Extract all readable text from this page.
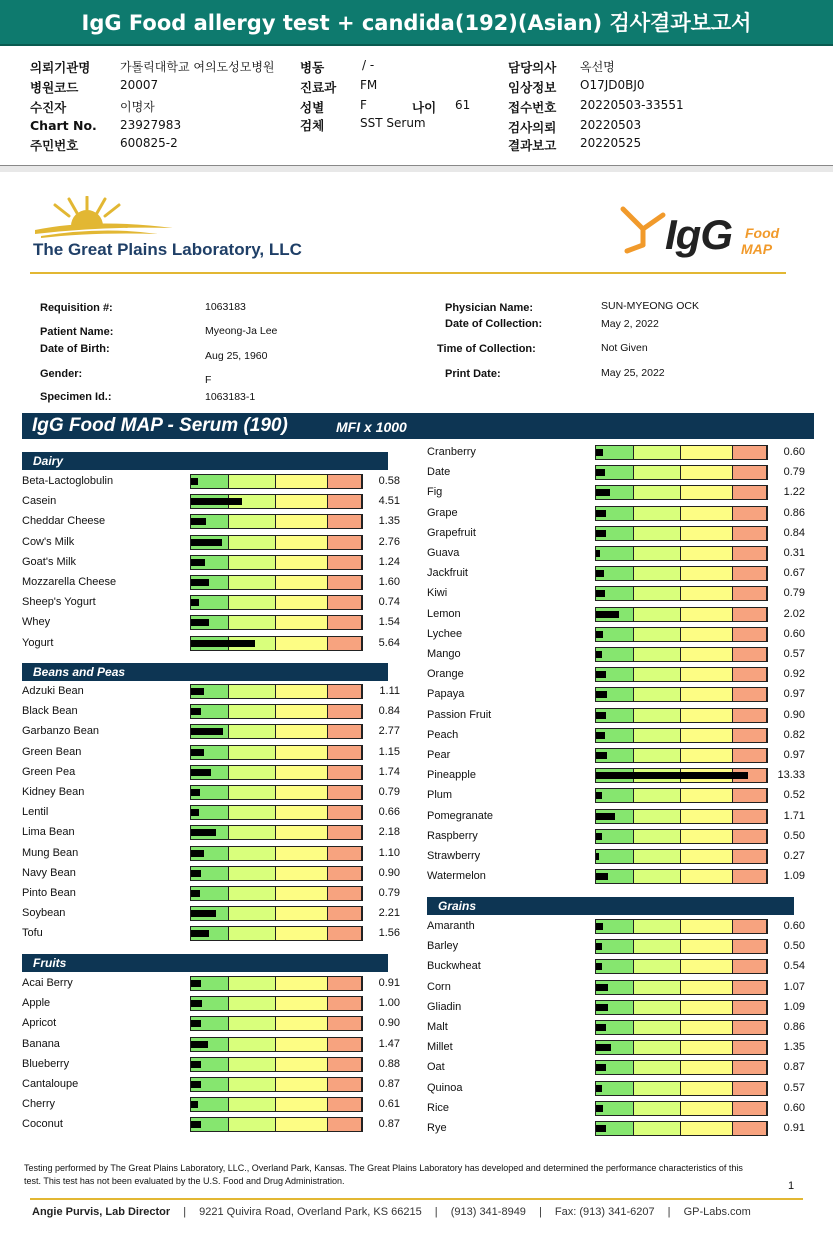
IgG Food allergy test + candida(192)(Asian) 검사결과보고서
의뢰기관명 가톨릭대학교 여의도성모병원
병원코드	20007
수진자	이명자
Chart No. 23927983
주민번호	600825-2
병동	/ -
진료과 FM
성별	F	나이 61
검체	SST Serum
담당의사 옥선명
임상정보 O17JD0BJ0
접수번호 20220503-33551
검사의뢰 20220503
결과보고 20220525
The Great Plains Laboratory, LLC	IgG Food
MAP
Requisition #:	1063183
Patient Name:	Myeong-Ja Lee
Date of Birth:
Aug 25, 1960
Gender:	F
Specimen Id.:	1063183-1
Physician Name:	SUN-MYEONG OCK
Date of Collection:	May 2, 2022
Time of Collection:	Not Given
Print Date:	May 25, 2022
IgG Food MAP - Serum (190)	MFI x 1000
Dairy
Beta-Lactoglobulin	0.58
Casein	4.51
Cheddar Cheese	1.35
Cow's Milk	2.76
Goat's Milk	1.24
Mozzarella Cheese	1.60
Sheep's Yogurt	0.74
Whey	1.54
Yogurt	5.64
Beans and Peas
Adzuki Bean	1.11
Black Bean	0.84
Garbanzo Bean	2.77
Green Bean	1.15
Green Pea	1.74
Kidney Bean	0.79
Lentil	0.66
Lima Bean	2.18
Mung Bean	1.10
Navy Bean	0.90
Pinto Bean	0.79
Soybean	2.21
Tofu	1.56
Fruits
Acai Berry	0.91
Apple	1.00
Apricot	0.90
Banana	1.47
Blueberry	0.88
Cantaloupe	0.87
Cherry	0.61
Coconut	0.87
Cranberry	0.60
Date	0.79
Fig	1.22
Grape	0.86
Grapefruit	0.84
Guava	0.31
Jackfruit	0.67
Kiwi	0.79
Lemon	2.02
Lychee	0.60
Mango	0.57
Orange	0.92
Papaya	0.97
Passion Fruit	0.90
Peach	0.82
Pear	0.97
Pineapple	13.33
Plum	0.52
Pomegranate	1.71
Raspberry	0.50
Strawberry	0.27
Watermelon	1.09
Grains
Amaranth	0.60
Barley	0.50
Buckwheat	0.54
Corn	1.07
Gliadin	1.09
Malt	0.86
Millet	1.35
Oat	0.87
Quinoa	0.57
Rice	0.60
Rye	0.91
Testing performed by The Great Plains Laboratory, LLC., Overland Park, Kansas. The Great Plains Laboratory has developed and determined the performance characteristics of this test. This test has not been evaluated by the U.S. Food and Drug Administration.	1
Angie Purvis, Lab Director | 9221 Quivira Road, Overland Park, KS 66215 | (913) 341-8949 | Fax: (913) 341-6207 | GP-Labs.com
